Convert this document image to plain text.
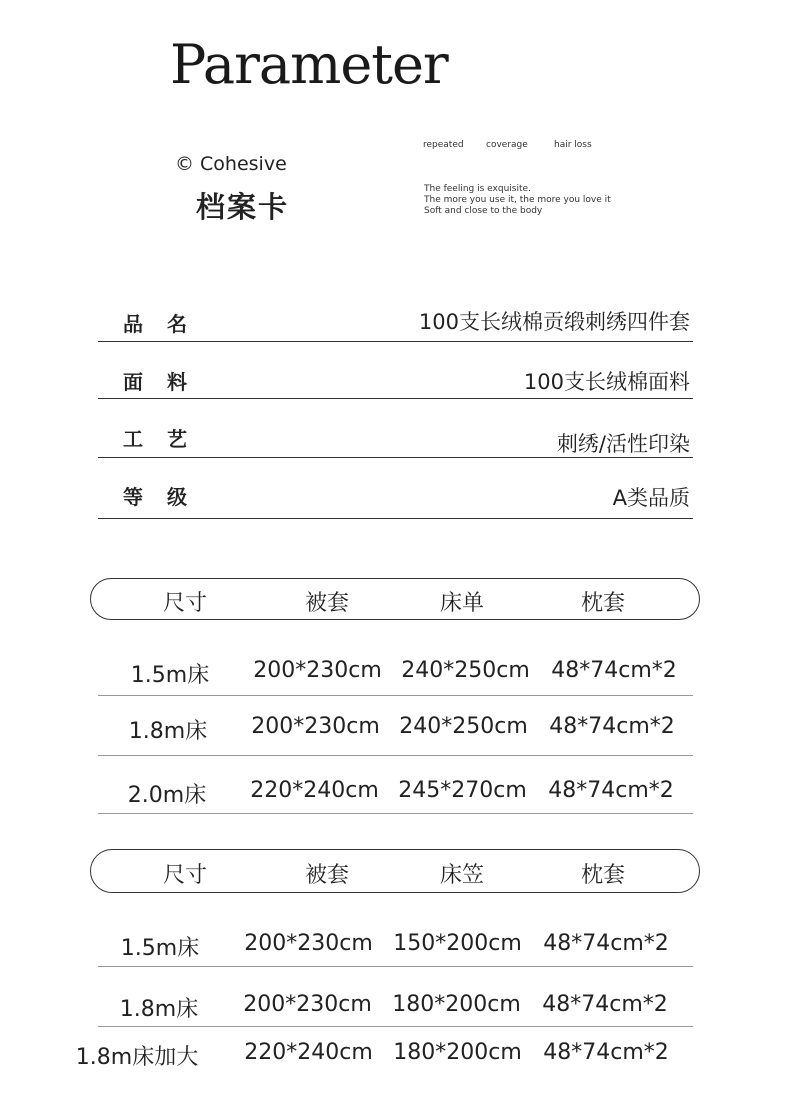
Parameter
© Cohesive
档案卡
repeated coverage	hair loss
The feeling is exquisite.
The more you use it, the more you love it
Soft and close to the body
品　名	100支长绒棉贡缎刺绣四件套
面　料	100支长绒棉面料
工　艺	刺绣/活性印染
等　级	A类品质
尺寸	被套	床单	枕套
1.5m床	200*230cm 240*250cm 48*74cm*2
1.8m床	200*230cm 240*250cm 48*74cm*2
2.0m床	220*240cm 245*270cm 48*74cm*2
尺寸	被套	床笠	枕套
1.5m床	200*230cm 150*200cm 48*74cm*2
1.8m床	200*230cm 180*200cm 48*74cm*2
1.8m床加大	220*240cm 180*200cm 48*74cm*2
